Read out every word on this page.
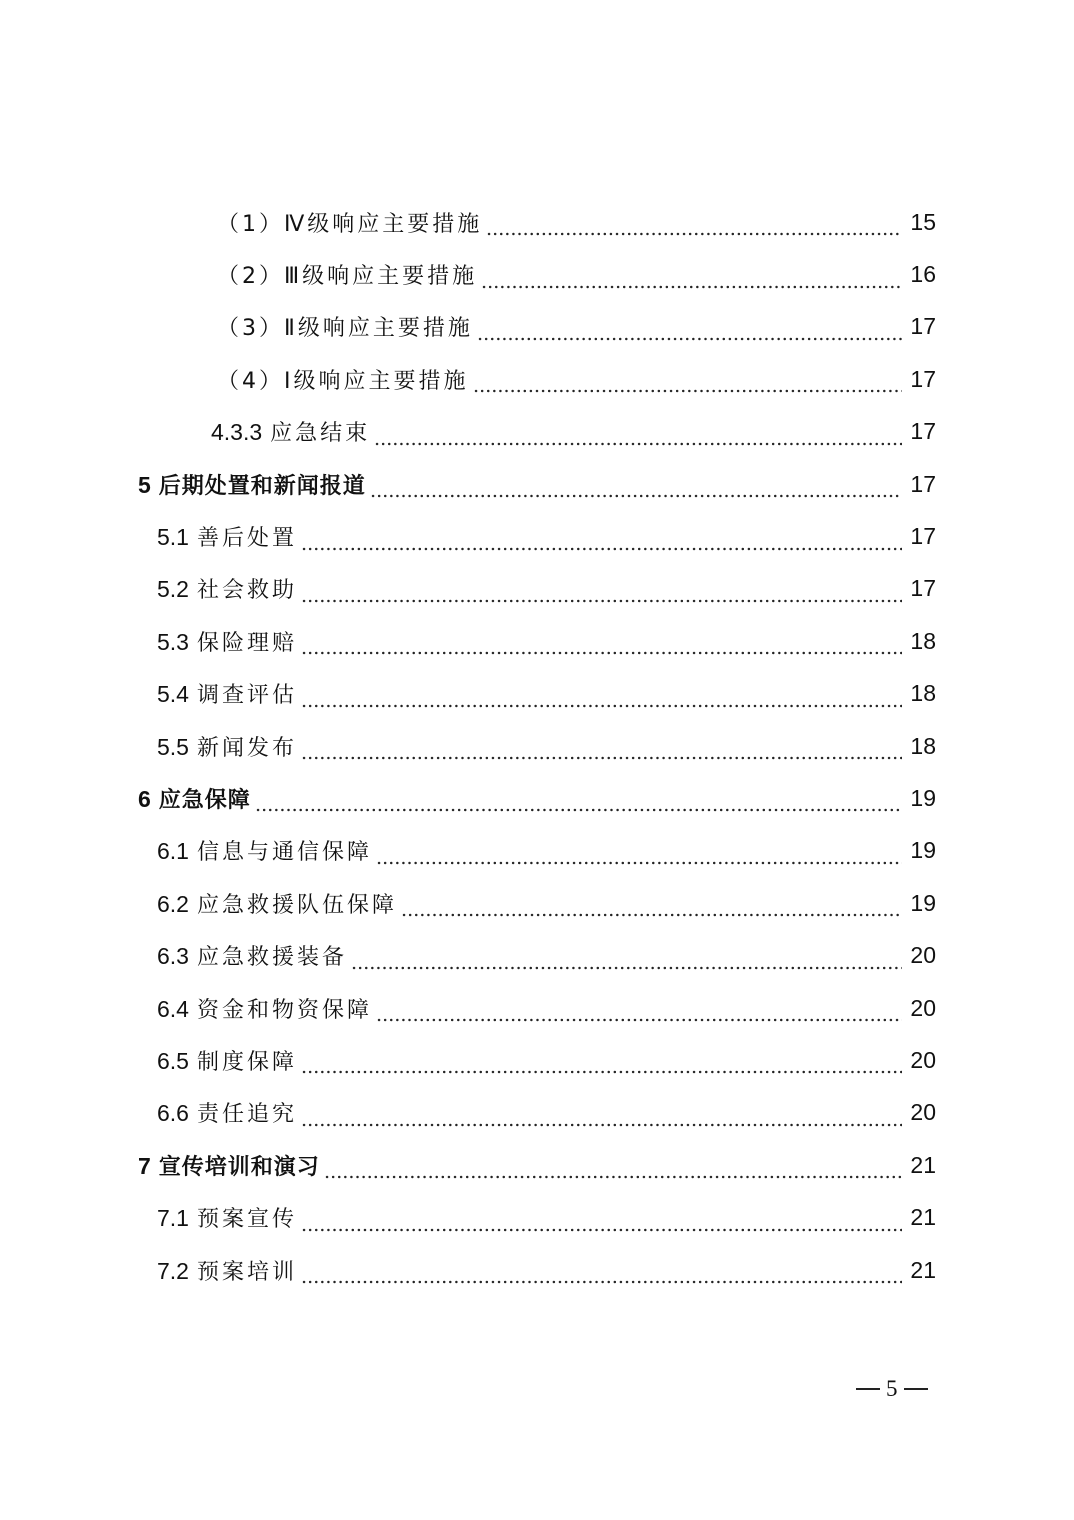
（1）Ⅳ级响应主要措施	15
（2）Ⅲ级响应主要措施	16
（3）Ⅱ级响应主要措施	17
（4）Ⅰ级响应主要措施	17
4.3.3 应急结束	17
5 后期处置和新闻报道	17
5.1 善后处置	17
5.2 社会救助	17
5.3 保险理赔	18
5.4 调查评估	18
5.5 新闻发布	18
6 应急保障	19
6.1 信息与通信保障	19
6.2 应急救援队伍保障	19
6.3 应急救援装备	20
6.4 资金和物资保障	20
6.5 制度保障	20
6.6 责任追究	20
7 宣传培训和演习	21
7.1 预案宣传	21
7.2 预案培训	21
5
